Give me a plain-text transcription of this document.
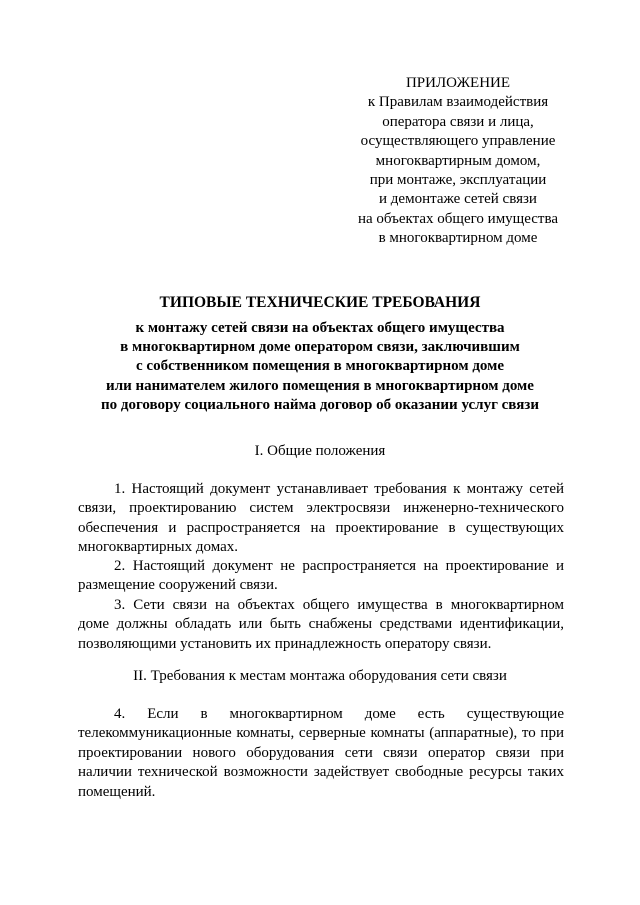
ПРИЛОЖЕНИЕ
к Правилам взаимодействия
оператора связи и лица,
осуществляющего управление
многоквартирным домом,
при монтаже, эксплуатации
и демонтаже сетей связи
на объектах общего имущества
в многоквартирном доме
ТИПОВЫЕ ТЕХНИЧЕСКИЕ ТРЕБОВАНИЯ
к монтажу сетей связи на объектах общего имущества
в многоквартирном доме оператором связи, заключившим
с собственником помещения в многоквартирном доме
или нанимателем жилого помещения в многоквартирном доме
по договору социального найма договор об оказании услуг связи
I. Общие положения

1. Настоящий документ устанавливает требования к монтажу сетей связи, проектированию систем электросвязи инженерно-технического обеспечения и распространяется на проектирование в существующих многоквартирных домах.

2. Настоящий документ не распространяется на проектирование и размещение сооружений связи.

3. Сети связи на объектах общего имущества в многоквартирном доме должны обладать или быть снабжены средствами идентификации, позволяющими установить их принадлежность оператору связи.

II. Требования к местам монтажа оборудования сети связи

4. Если в многоквартирном доме есть существующие телекоммуникационные комнаты, серверные комнаты (аппаратные), то при проектировании нового оборудования сети связи оператор связи при наличии технической возможности задействует свободные ресурсы таких помещений.
